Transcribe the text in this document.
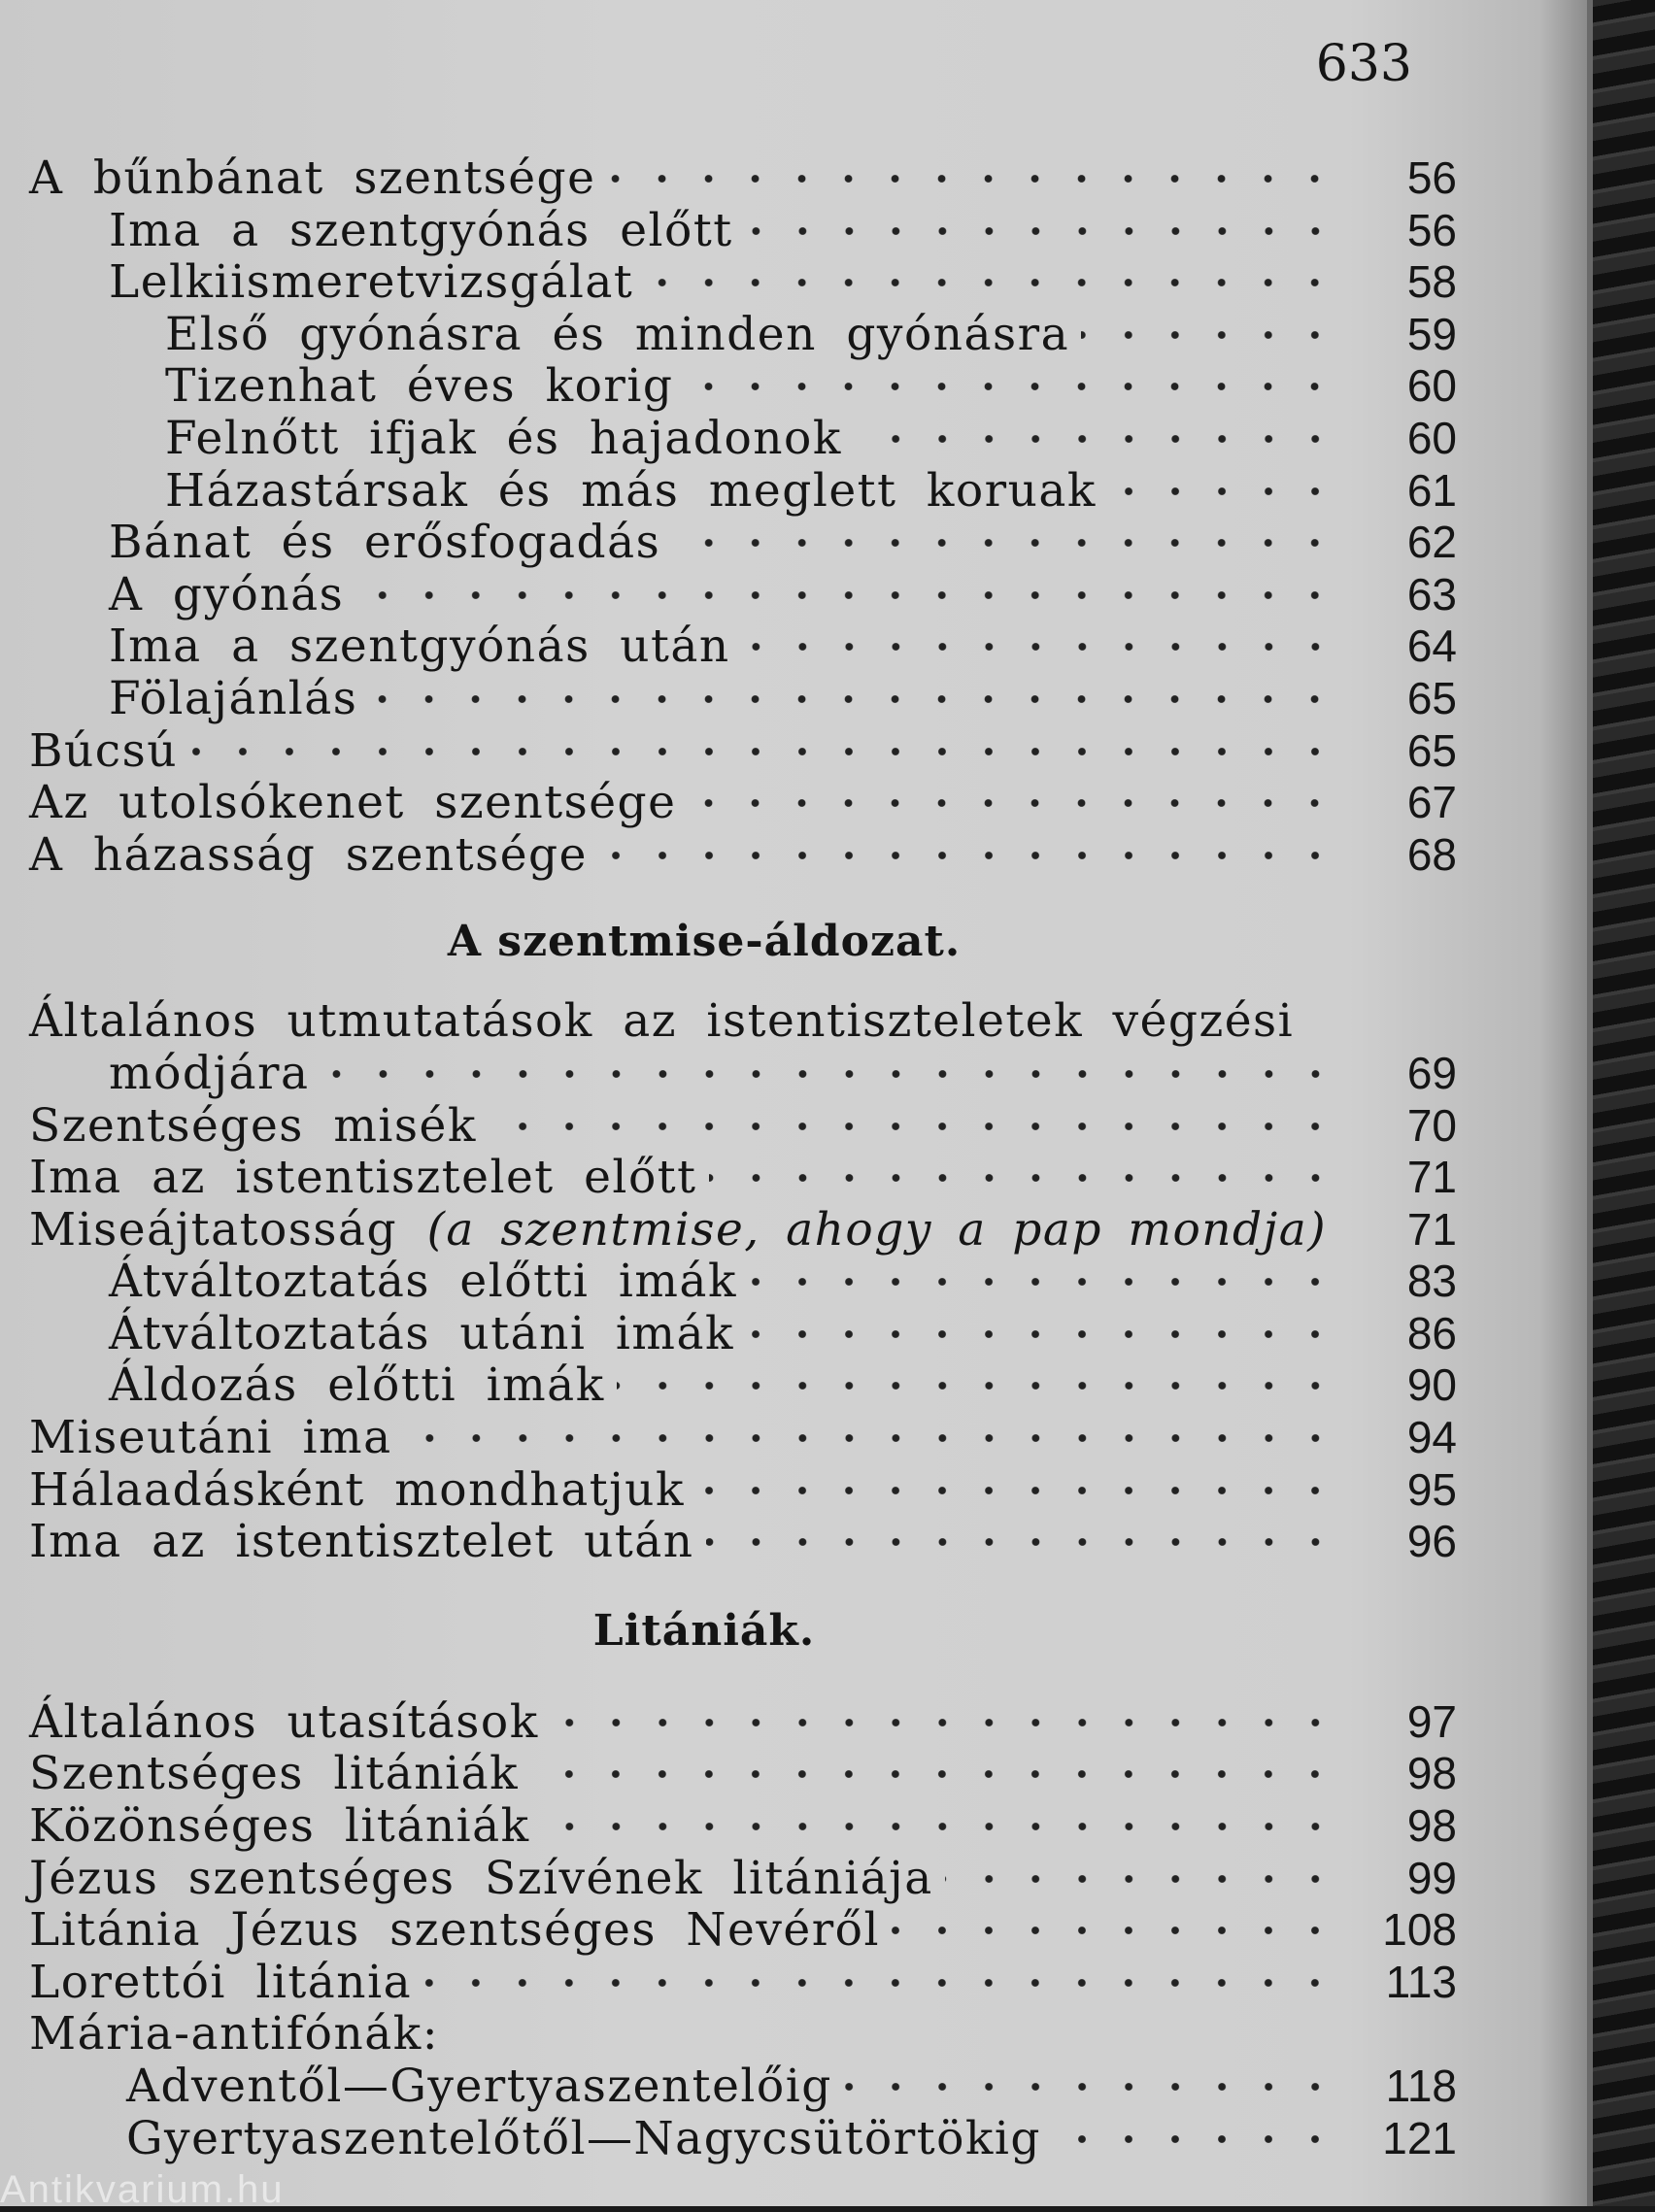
633
A bűnbánat szentsége	56
Ima a szentgyónás előtt	56
Lelkiismeretvizsgálat	58
Első gyónásra és minden gyónásra	59
Tizenhat éves korig	60
Felnőtt ifjak és hajadonok	60
Házastársak és más meglett koruak	61
Bánat és erősfogadás	62
A gyónás	63
Ima a szentgyónás után	64
Fölajánlás	65
Búcsú	65
Az utolsókenet szentsége	67
A házasság szentsége	68
A szentmise-áldozat.
Általános utmutatások az istentiszteletek végzési
módjára	69
Szentséges misék	70
Ima az istentisztelet előtt	71
Miseájtatosság (a szentmise, ahogy a pap mondja)	71
Átváltoztatás előtti imák	83
Átváltoztatás utáni imák	86
Áldozás előtti imák	90
Miseutáni ima	94
Hálaadásként mondhatjuk	95
Ima az istentisztelet után	96
Litániák.
Általános utasítások	97
Szentséges litániák	98
Közönséges litániák	98
Jézus szentséges Szívének litániája	99
Litánia Jézus szentséges Nevéről	108
Lorettói litánia	113
Mária-antifónák:
Adventől—Gyertyaszentelőig	118
Gyertyaszentelőtől—Nagycsütörtökig	121
Antikvarium.hu
